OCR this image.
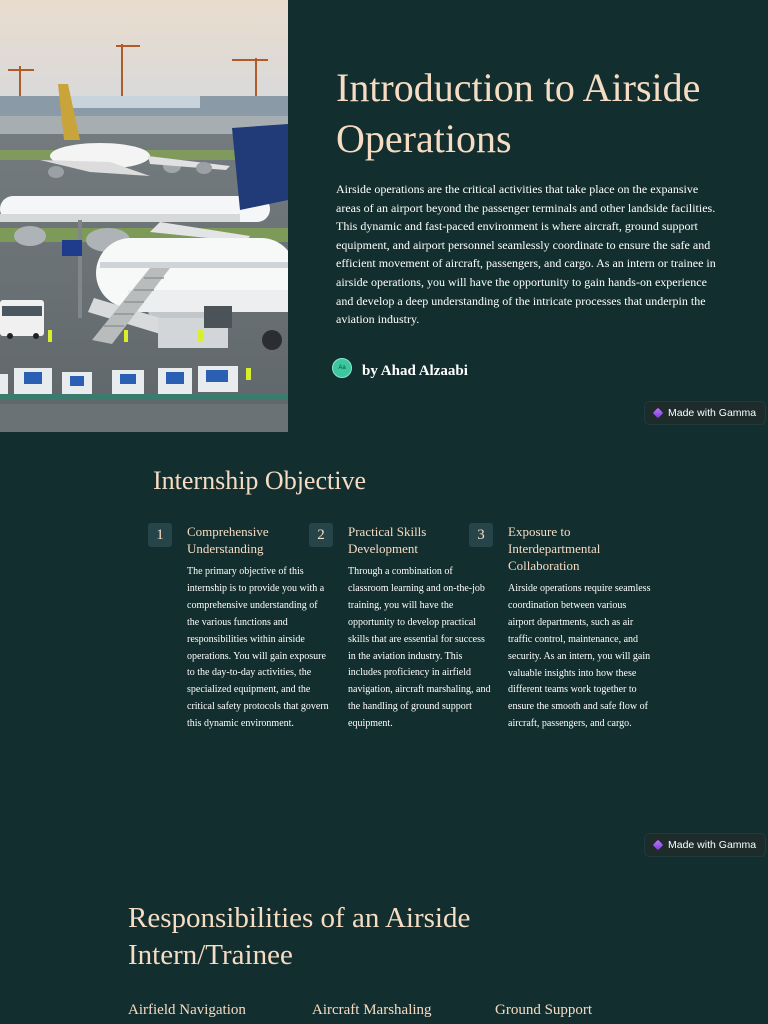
Introduction to Airside Operations

Airside operations are the critical activities that take place on the expansive areas of an airport beyond the passenger terminals and other landside facilities. This dynamic and fast-paced environment is where aircraft, ground support equipment, and airport personnel seamlessly coordinate to ensure the safe and efficient movement of aircraft, passengers, and cargo. As an intern or trainee in airside operations, you will have the opportunity to gain hands-on experience and develop a deep understanding of the intricate processes that underpin the aviation industry.

Aa	by Ahad Alzaabi
Made with Gamma
Internship Objective
1	Comprehensive Understanding

The primary objective of this internship is to provide you with a comprehensive understanding of the various functions and responsibilities within airside operations. You will gain exposure to the day-to-day activities, the specialized equipment, and the critical safety protocols that govern this dynamic environment.

2	Practical Skills Development

Through a combination of classroom learning and on-the-job training, you will have the opportunity to develop practical skills that are essential for success in the aviation industry. This includes proficiency in airfield navigation, aircraft marshaling, and the handling of ground support equipment.

3	Exposure to Interdepartmental Collaboration

Airside operations require seamless coordination between various airport departments, such as air traffic control, maintenance, and security. As an intern, you will gain valuable insights into how these different teams work together to ensure the smooth and safe flow of aircraft, passengers, and cargo.

Made with Gamma
Responsibilities of an Airside Intern/Trainee
Airfield Navigation	Aircraft Marshaling	Ground Support
